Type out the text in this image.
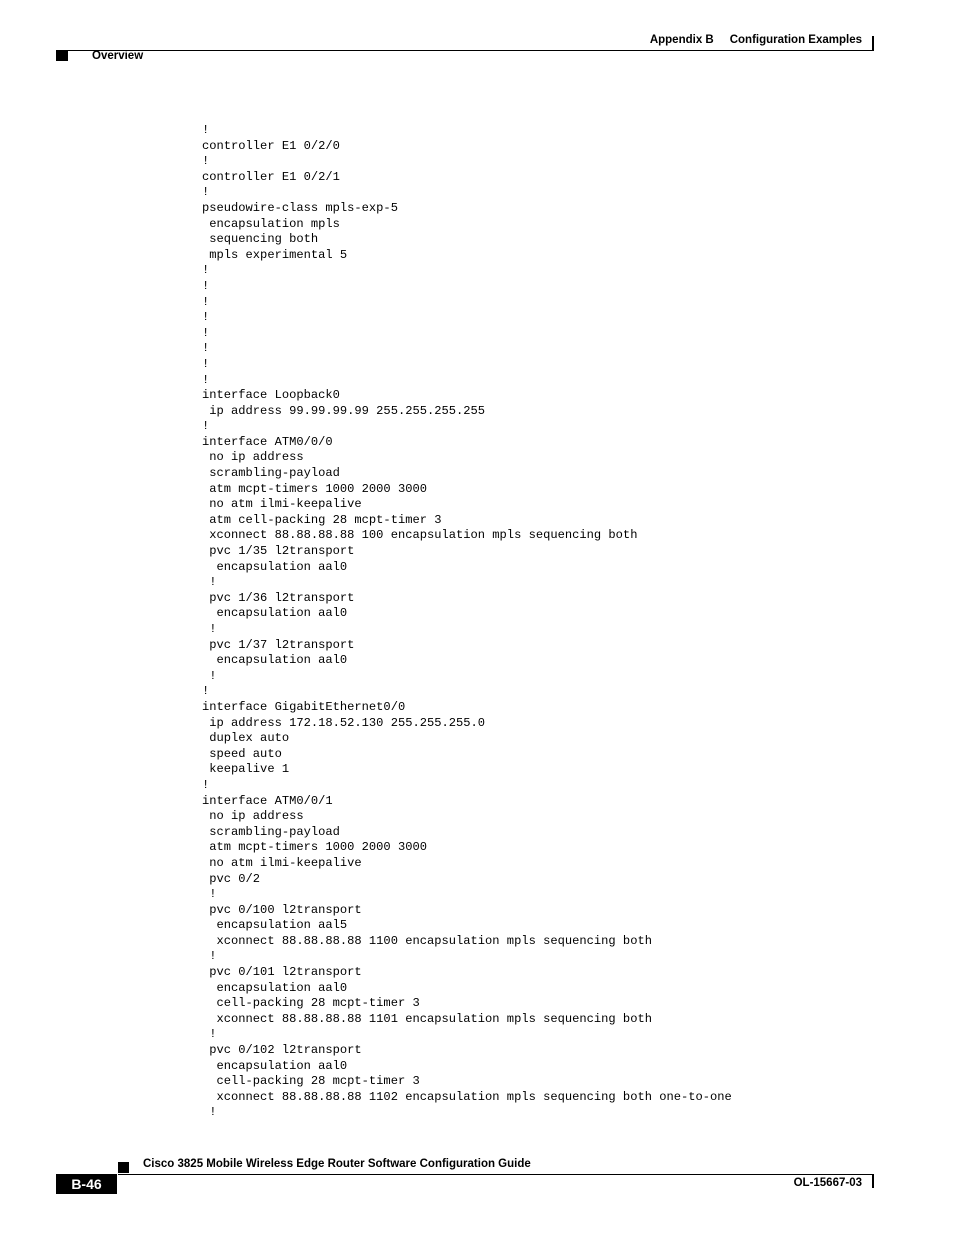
Appendix B Configuration Examples
Overview
!
controller E1 0/2/0
!
controller E1 0/2/1
!
pseudowire-class mpls-exp-5
encapsulation mpls
sequencing both
mpls experimental 5
!
!
!
!
!
!
!
!
interface Loopback0
ip address 99.99.99.99 255.255.255.255
!
interface ATM0/0/0
no ip address
scrambling-payload
atm mcpt-timers 1000 2000 3000
no atm ilmi-keepalive
atm cell-packing 28 mcpt-timer 3
xconnect 88.88.88.88 100 encapsulation mpls sequencing both
pvc 1/35 l2transport
encapsulation aal0
!
pvc 1/36 l2transport
encapsulation aal0
!
pvc 1/37 l2transport
encapsulation aal0
!
!
interface GigabitEthernet0/0
ip address 172.18.52.130 255.255.255.0
duplex auto
speed auto
keepalive 1
!
interface ATM0/0/1
no ip address
scrambling-payload
atm mcpt-timers 1000 2000 3000
no atm ilmi-keepalive
pvc 0/2
!
pvc 0/100 l2transport
encapsulation aal5
xconnect 88.88.88.88 1100 encapsulation mpls sequencing both
!
pvc 0/101 l2transport
encapsulation aal0
cell-packing 28 mcpt-timer 3
xconnect 88.88.88.88 1101 encapsulation mpls sequencing both
!
pvc 0/102 l2transport
encapsulation aal0
cell-packing 28 mcpt-timer 3
xconnect 88.88.88.88 1102 encapsulation mpls sequencing both one-to-one
!
Cisco 3825 Mobile Wireless Edge Router Software Configuration Guide
B-46	OL-15667-03
